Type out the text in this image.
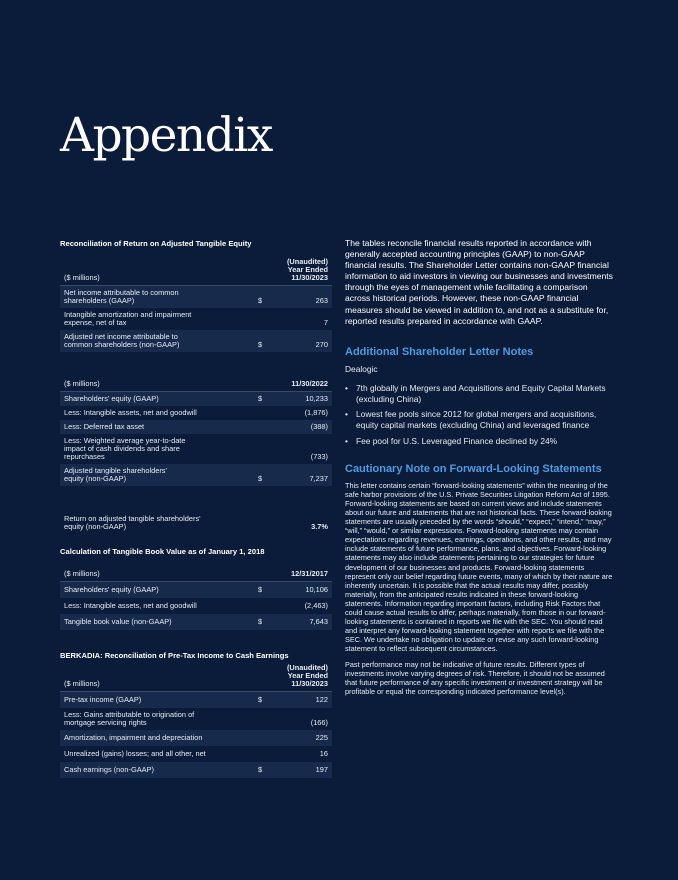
Appendix

Reconciliation of Return on Adjusted Tangible Equity

($ millions)
(Unaudited)
Year Ended
11/30/2023
Net income attributable to common shareholders (GAAP)	$	263
Intangible amortization and impairment expense, net of tax	7
Adjusted net income attributable to common shareholders (non-GAAP)	$	270
($ millions)	11/30/2022
Shareholders' equity (GAAP)	$	10,233
Less: Intangible assets, net and goodwill	(1,876)
Less: Deferred tax asset	(388)
Less: Weighted average year-to-date impact of cash dividends and share repurchases	(733)
Adjusted tangible shareholders' equity (non-GAAP)	$	7,237
Return on adjusted tangible shareholders' equity (non-GAAP)	3.7%

Calculation of Tangible Book Value as of January 1, 2018

($ millions)	12/31/2017
Shareholders' equity (GAAP)	$	10,106
Less: Intangible assets, net and goodwill	(2,463)
Tangible book value (non-GAAP)	$	7,643

BERKADIA: Reconciliation of Pre-Tax Income to Cash Earnings

($ millions)
(Unaudited)
Year Ended
11/30/2023
Pre-tax income (GAAP)	$	122
Less: Gains attributable to origination of mortgage servicing rights	(166)
Amortization, impairment and depreciation	225
Unrealized (gains) losses; and all other, net	16
Cash earnings (non-GAAP)	$	197

The tables reconcile financial results reported in accordance with generally accepted accounting principles (GAAP) to non-GAAP financial results. The Shareholder Letter contains non-GAAP financial information to aid investors in viewing our businesses and investments through the eyes of management while facilitating a comparison across historical periods. However, these non-GAAP financial measures should be viewed in addition to, and not as a substitute for, reported results prepared in accordance with GAAP.

Additional Shareholder Letter Notes

Dealogic

• 7th globally in Mergers and Acquisitions and Equity Capital Markets (excluding China)
• Lowest fee pools since 2012 for global mergers and acquisitions, equity capital markets (excluding China) and leveraged finance
• Fee pool for U.S. Leveraged Finance declined by 24%

Cautionary Note on Forward-Looking Statements

This letter contains certain “forward-looking statements” within the meaning of the safe harbor provisions of the U.S. Private Securities Litigation Reform Act of 1995. Forward-looking statements are based on current views and include statements about our future and statements that are not historical facts. These forward-looking statements are usually preceded by the words “should,” “expect,” “intend,” “may,” “will,” “would,” or similar expressions. Forward-looking statements may contain expectations regarding revenues, earnings, operations, and other results, and may include statements of future performance, plans, and objectives. Forward-looking statements may also include statements pertaining to our strategies for future development of our businesses and products. Forward-looking statements represent only our belief regarding future events, many of which by their nature are inherently uncertain. It is possible that the actual results may differ, possibly materially, from the anticipated results indicated in these forward-looking statements. Information regarding important factors, including Risk Factors that could cause actual results to differ, perhaps materially, from those in our forward-looking statements is contained in reports we file with the SEC. You should read and interpret any forward-looking statement together with reports we file with the SEC. We undertake no obligation to update or revise any such forward-looking statement to reflect subsequent circumstances.

Past performance may not be indicative of future results. Different types of investments involve varying degrees of risk. Therefore, it should not be assumed that future performance of any specific investment or investment strategy will be profitable or equal the corresponding indicated performance level(s).
